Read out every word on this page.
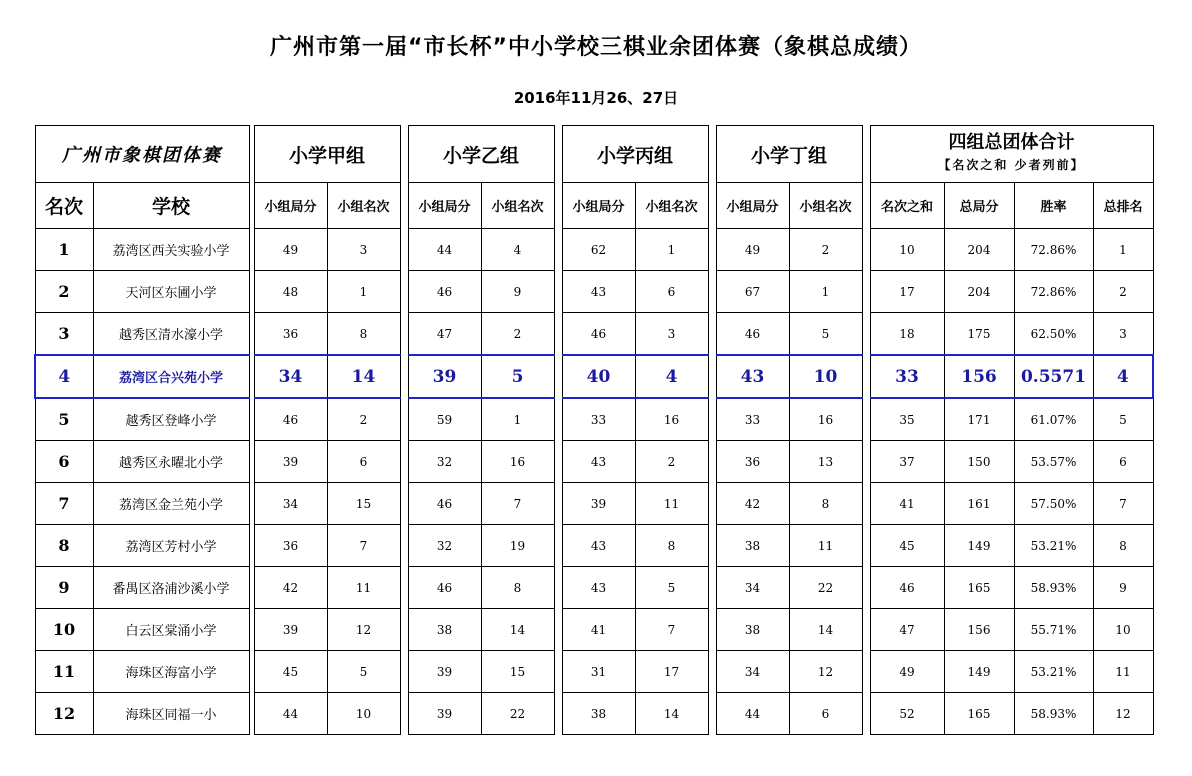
广州市第一届“市长杯”中小学校三棋业余团体赛（象棋总成绩）
2016年11月26、27日
广州市象棋团体赛			小学甲组			小学乙组			小学丙组			小学丁组			四组总团体合计
【名次之和 少者列前】			

名次	学校		小组局分	小组名次		小组局分	小组名次		小组局分	小组名次		小组局分	小组名次		名次之和	总局分	胜率	总排名
1	荔湾区西关实验小学		49	3		44	4		62	1		49	2		10	204	72.86%	1
2	天河区东圃小学		48	1		46	9		43	6		67	1		17	204	72.86%	2
3	越秀区清水濠小学		36	8		47	2		46	3		46	5		18	175	62.50%	3
4	荔湾区合兴苑小学		34	14		39	5		40	4		43	10		33	156	0.5571	4
5	越秀区登峰小学		46	2		59	1		33	16		33	16		35	171	61.07%	5
6	越秀区永曜北小学		39	6		32	16		43	2		36	13		37	150	53.57%	6
7	荔湾区金兰苑小学		34	15		46	7		39	11		42	8		41	161	57.50%	7
8	荔湾区芳村小学		36	7		32	19		43	8		38	11		45	149	53.21%	8
9	番禺区洛浦沙溪小学		42	11		46	8		43	5		34	22		46	165	58.93%	9
10	白云区棠涌小学		39	12		38	14		41	7		38	14		47	156	55.71%	10
11	海珠区海富小学		45	5		39	15		31	17		34	12		49	149	53.21%	11
12	海珠区同福一小		44	10		39	22		38	14		44	6		52	165	58.93%	12
